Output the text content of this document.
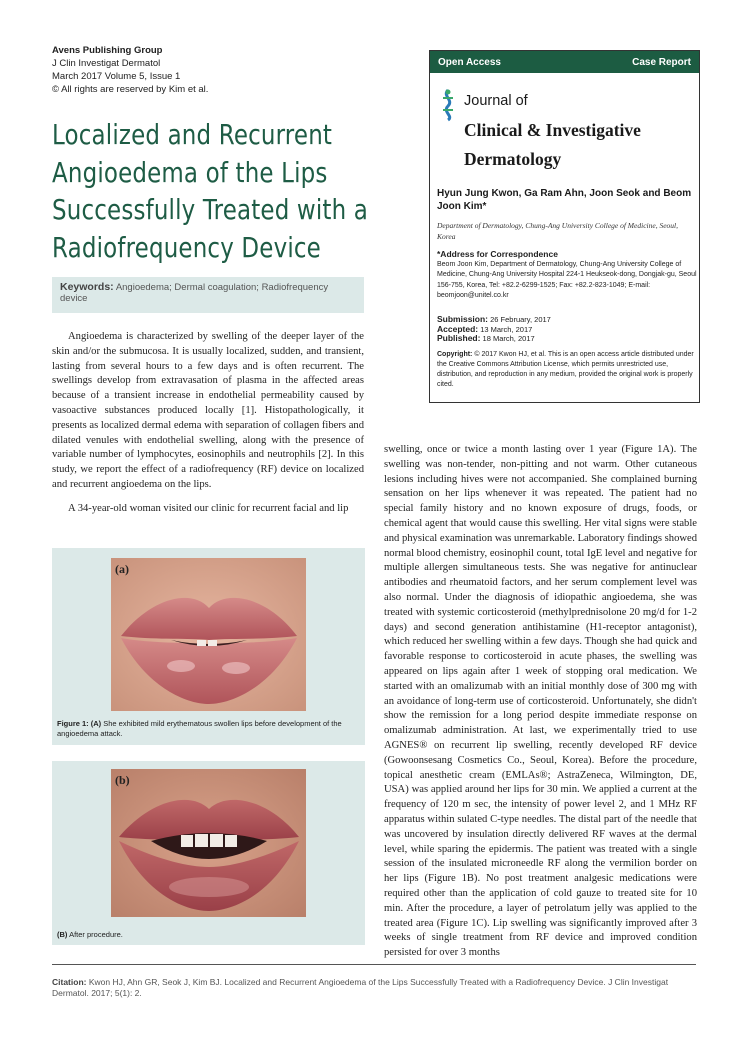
Avens Publishing Group
J Clin Investigat Dermatol
March 2017 Volume 5, Issue 1
© All rights are reserved by Kim et al.
Localized and Recurrent
Angioedema of the Lips
Successfully Treated with a
Radiofrequency Device
Keywords: Angioedema; Dermal coagulation; Radiofrequency device
Open Access	Case Report
Journal of
Clinical & Investigative
Dermatology
Hyun Jung Kwon, Ga Ram Ahn, Joon Seok and Beom Joon Kim*
Department of Dermatology, Chung-Ang University College of Medicine, Seoul, Korea
*Address for Correspondence
Beom Joon Kim, Department of Dermatology, Chung-Ang University College of Medicine, Chung-Ang University Hospital 224-1 Heukseok-dong, Dongjak-gu, Seoul 156-755, Korea, Tel: +82.2-6299-1525; Fax: +82.2-823-1049; E-mail: beomjoon@unitel.co.kr
Submission: 26 February, 2017
Accepted: 13 March, 2017
Published: 18 March, 2017
Copyright: © 2017 Kwon HJ, et al. This is an open access article distributed under the Creative Commons Attribution License, which permits unrestricted use, distribution, and reproduction in any medium, provided the original work is properly cited.

Angioedema is characterized by swelling of the deeper layer of the skin and/or the submucosa. It is usually localized, sudden, and transient, lasting from several hours to a few days and is often recurrent. The swellings develop from extravasation of plasma in the affected areas because of a transient increase in endothelial permeability caused by vasoactive substances produced locally [1]. Histopathologically, it presents as localized dermal edema with separation of collagen fibers and dilated venules with endothelial swelling, along with the presence of variable number of lymphocytes, eosinophils and neutrophils [2]. In this study, we report the effect of a radiofrequency (RF) device on localized and recurrent angioedema on the lips.

A 34-year-old woman visited our clinic for recurrent facial and lip

swelling, once or twice a month lasting over 1 year (Figure 1A). The swelling was non-tender, non-pitting and not warm. Other cutaneous lesions including hives were not accompanied. She complained burning sensation on her lips whenever it was repeated. The patient had no special family history and no known exposure of drugs, foods, or chemical agent that would cause this swelling. Her vital signs were stable and physical examination was unremarkable. Laboratory findings showed normal blood chemistry, eosinophil count, total IgE level and negative for multiple allergen simultaneous tests. She was negative for antinuclear antibodies and rheumatoid factors, and her serum complement level was also normal. Under the diagnosis of idiopathic angioedema, she was treated with systemic corticosteroid (methylprednisolone 20 mg/d for 1-2 days) and second generation antihistamine (H1-receptor antagonist), which reduced her swelling within a few days. Though she had quick and favorable response to corticosteroid in acute phases, the swelling was appeared on lips again after 1 week of stopping oral medication. We started with an omalizumab with an initial monthly dose of 300 mg with an avoidance of long-term use of corticosteroid. Unfortunately, she didn't show the remission for a long period despite immediate response on omalizumab administration. At last, we experimentally tried to use AGNES® on recurrent lip swelling, recently developed RF device (Gowoonsesang Cosmetics Co., Seoul, Korea). Before the procedure, topical anesthetic cream (EMLAs®; AstraZeneca, Wilmington, DE, USA) was applied around her lips for 30 min. We applied a current at the frequency of 120 m sec, the intensity of power level 2, and 1 MHz RF apparatus within sulated C-type needles. The distal part of the needle that was uncovered by insulation directly delivered RF waves at the dermal level, while sparing the epidermis. The patient was treated with a single session of the insulated microneedle RF along the vermilion border on her lips (Figure 1B). No post treatment analgesic medications were required other than the application of cold gauze to treated site for 10 min. After the procedure, a layer of petrolatum jelly was applied to the treated area (Figure 1C). Lip swelling was significantly improved after 3 weeks of single treatment from RF device and improved condition persisted for over 3 months

(a)
Figure 1: (A) She exhibited mild erythematous swollen lips before development of the angioedema attack.
(b)
(B) After procedure.
Citation: Kwon HJ, Ahn GR, Seok J, Kim BJ. Localized and Recurrent Angioedema of the Lips Successfully Treated with a Radiofrequency Device. J Clin Investigat Dermatol. 2017; 5(1): 2.
